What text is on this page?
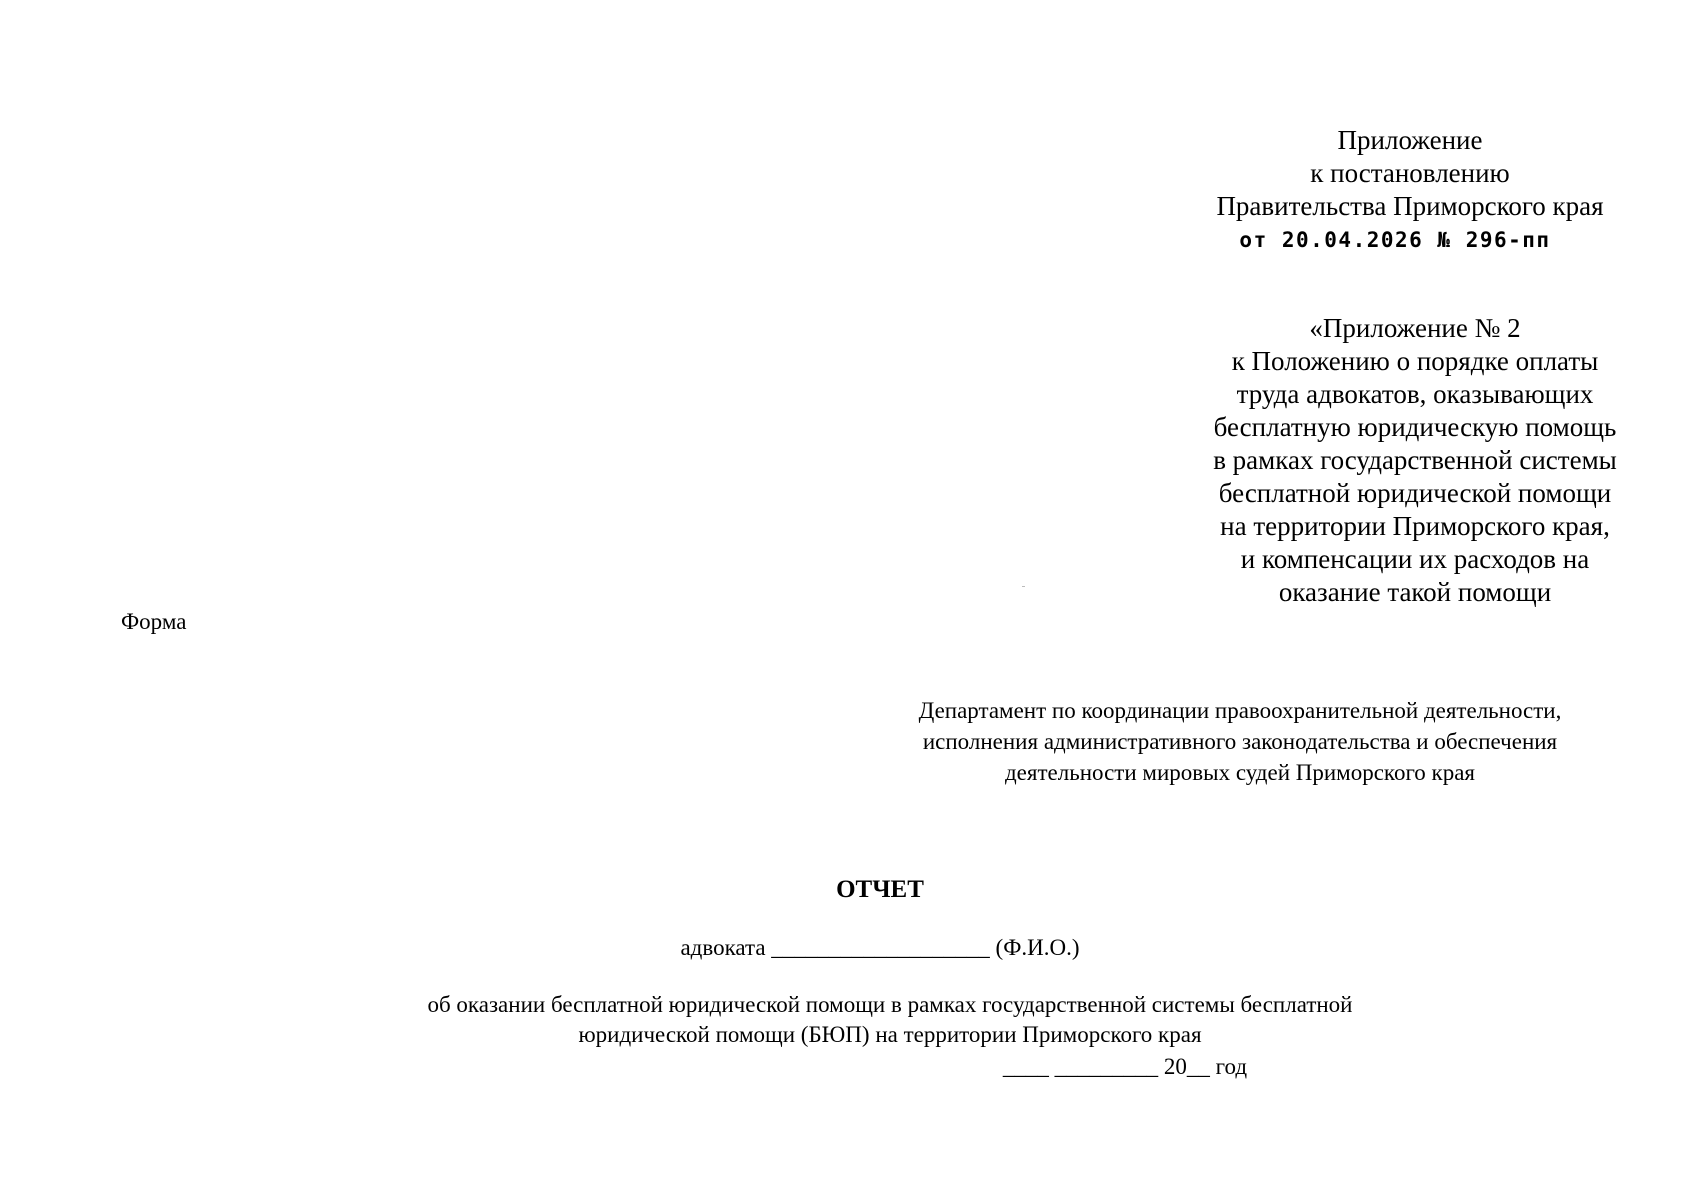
Приложение
к постановлению
Правительства Приморского края
от 20.04.2026 № 296-пп
«Приложение № 2
к Положению о порядке оплаты
труда адвокатов, оказывающих
бесплатную юридическую помощь
в рамках государственной системы
бесплатной юридической помощи
на территории Приморского края,
и компенсации их расходов на
оказание такой помощи
Форма
Департамент по координации правоохранительной деятельности,
исполнения административного законодательства и обеспечения
деятельности мировых судей Приморского края
ОТЧЕТ
адвоката ___________________ (Ф.И.О.)
об оказании бесплатной юридической помощи в рамках государственной системы бесплатной
юридической помощи (БЮП) на территории Приморского края
____ _________ 20__ год
